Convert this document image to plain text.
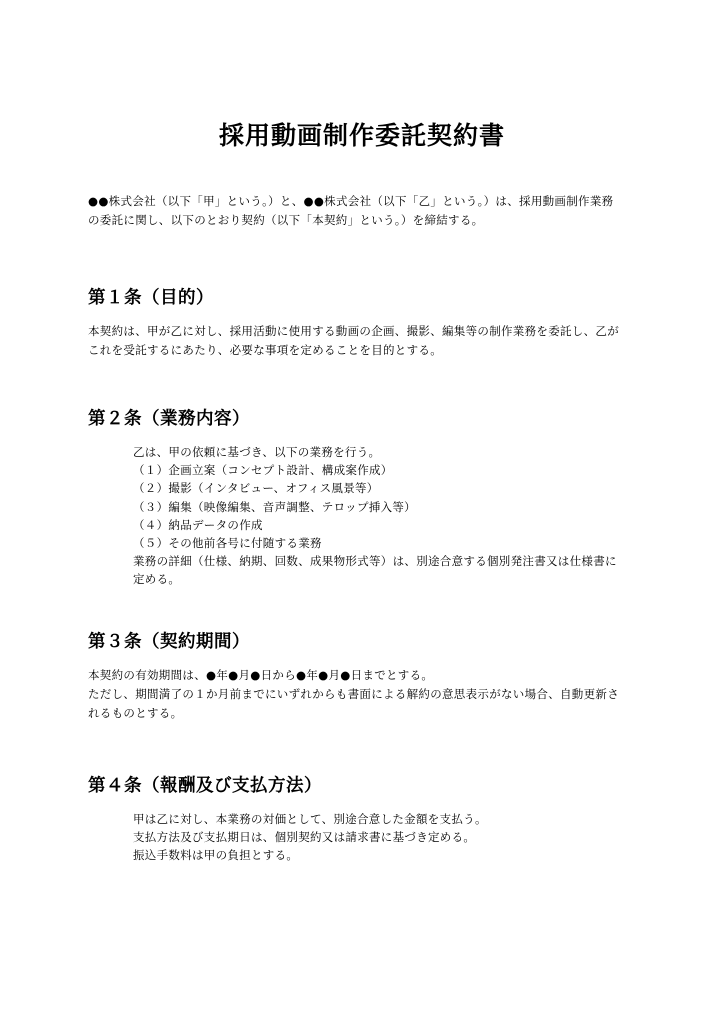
採用動画制作委託契約書
●●株式会社（以下「甲」という。）と、●●株式会社（以下「乙」という。）は、採用動画制作業務
の委託に関し、以下のとおり契約（以下「本契約」という。）を締結する。
第１条（目的）
本契約は、甲が乙に対し、採用活動に使用する動画の企画、撮影、編集等の制作業務を委託し、乙が
これを受託するにあたり、必要な事項を定めることを目的とする。
第２条（業務内容）
乙は、甲の依頼に基づき、以下の業務を行う。
（１）企画立案（コンセプト設計、構成案作成）
（２）撮影（インタビュー、オフィス風景等）
（３）編集（映像編集、音声調整、テロップ挿入等）
（４）納品データの作成
（５）その他前各号に付随する業務
業務の詳細（仕様、納期、回数、成果物形式等）は、別途合意する個別発注書又は仕様書に
定める。
第３条（契約期間）
本契約の有効期間は、●年●月●日から●年●月●日までとする。
ただし、期間満了の１か月前までにいずれからも書面による解約の意思表示がない場合、自動更新さ
れるものとする。
第４条（報酬及び支払方法）
甲は乙に対し、本業務の対価として、別途合意した金額を支払う。
支払方法及び支払期日は、個別契約又は請求書に基づき定める。
振込手数料は甲の負担とする。
